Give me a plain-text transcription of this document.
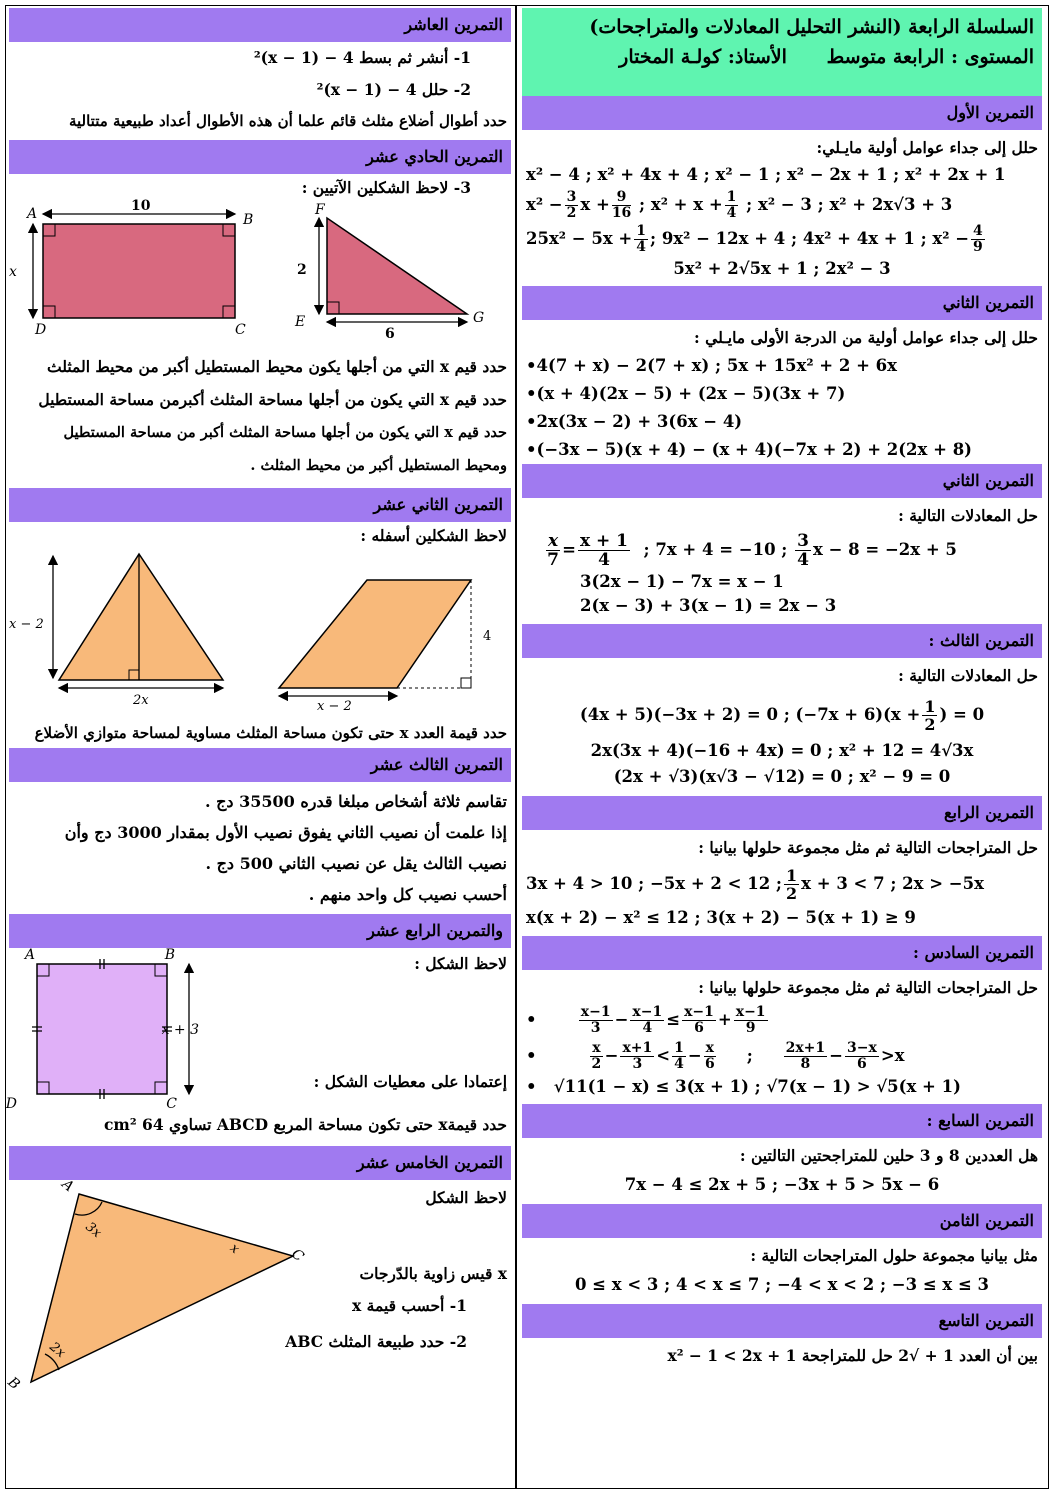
السلسلة الرابعة (النشر التحليل المعادلات والمتراجحات)
المستوى : الرابعة متوسط      الأستاذ: كولـة المختار
التمرين الأول
حلل إلى جداء عوامل أولية مايـلي:
x² − 4 ; x² + 4x + 4 ; x² − 1 ; x² − 2x + 1 ; x² + 2x + 1
$x^2 - \frac{3}{2}$ $x + \frac{9}{16}$ ; $x^2 + x + \frac{1}{4}$ ; x² − 3 ; x² + 2x√3 + 3
$25x^2 - 5x + \frac{1}{4}$ ; 9x² − 12x + 4 ; 4x² + 4x + 1 ; $x^2 - \frac{4}{9}$
5x² + 2√5x + 1 ; 2x² − 3
التمرين الثاني
حلل إلى جداء عوامل أولية من الدرجة الأولى مايـلي :
•4(7 + x) − 2(7 + x) ; 5x + 15x² + 2 + 6x
•(x + 4)(2x − 5) + (2x − 5)(3x + 7)
•2x(3x − 2) + 3(6x − 4)
•(−3x − 5)(x + 4) − (x + 4)(−7x + 2) + 2(2x + 8)
التمرين الثاني
حل المعادلات التالية :
$\frac{x}{7} = \frac{x + 1}{4}$ ; 7x + 4 = −10 ; $\frac{3}{4}$ x − 8 = −2x + 5
3(2x − 1) − 7x = x − 1
2(x − 3) + 3(x − 1) = 2x − 3
التمرين الثالث :
حل المعادلات التالية :
(4x + 5)(−3x + 2) = 0 ; $(-7x + 6)(x + \frac{1}{2}$ ) = 0
2x(3x + 4)(−16 + 4x) = 0 ; x² + 12 = 4√3x
(2x + √3)(x√3 − √12) = 0 ; x² − 9 = 0
التمرين الرابع
حل المتراجحات التالية ثم مثل مجموعة حلولها بيانيا :
3x + 4 > 10 ; −5x + 2 < 12 ; $\frac{1}{2}$ x + 3 < 7 ; 2x > −5x
x(x + 2) − x² ≤ 12 ; 3(x + 2) − 5(x + 1) ≥ 9
التمرين السادس :
حل المتراجحات التالية ثم مثل مجموعة حلولها بيانيا :
•	$\frac{x-1}{3} - \frac{x-1}{4} \le \frac{x-1}{6} + \frac{x-1}{9}$
•	$\frac{x}{2} - \frac{x+1}{3} < \frac{1}{4} - \frac{x}{6}$ ; $\frac{2x+1}{8} - \frac{3-x}{6} >x$
• √11(1 − x) ≤ 3(x + 1) ; √7(x − 1) > √5(x + 1)
التمرين السابع :
هل العددين 8 و 3 حلين للمتراجحتين التالتين :
7x − 4 ≤ 2x + 5 ; −3x + 5 > 5x − 6
التمرين الثامن
مثل بيانيا مجموعة حلول المتراجحات التالية :
0 ≤ x < 3 ; 4 < x ≤ 7 ; −4 < x < 2 ; −3 ≤ x ≤ 3
التمرين التاسع
بين أن العدد 1 + √2 حل للمتراجحة x² − 1 < 2x + 1
التمرين العاشر
1- أنشر ثم بسط 4 − (x − 1)²
2- حلل 4 − (x − 1)²
حدد أطوال أضلاع مثلث قائم علما أن هذه الأطوال أعداد طبيعية متتالية
التمرين الحادي عشر
3- لاحظ الشكلين الآتيين :
10
x
A	B
C
D
2
6
F
E	G
حدد قيم x التي من أجلها يكون محيط المستطيل أكبر من محيط المثلث
حدد قيم x التي يكون من أجلها مساحة المثلث أكبرمن مساحة المستطيل
حدد قيم x التي يكون من أجلها مساحة المثلث أكبر من مساحة المستطيل
ومحيط المستطيل أكبر من محيط المثلث .
التمرين الثاني عشر
لاحظ الشكلين أسفله :
x − 2
2x
4
x − 2
حدد قيمة العدد x حتى تكون مساحة المثلث مساوية لمساحة متوازي الأضلاع
التمرين الثالث عشر
تقاسم ثلاثة أشخاص مبلغا قدره 35500 دج .
إذا علمت أن نصيب الثاني يفوق نصيب الأول بمقدار 3000 دج وأن
نصيب الثالث يقل عن نصيب الثاني 500 دج .
أحسب نصيب كل واحد منهم .
والتمرين الرابع عشر
لاحظ الشكل :
إعتمادا على معطيات الشكل :
x + 3
A	B
C
D
حدد قيمةx حتى تكون مساحة المربع ABCD تساوي 64 cm²
التمرين الخامس عشر
لاحظ الشكل
x قيس زاوية بالدّرجات
1- أحسب قيمة x
2- حدد طبيعة المثلث ABC
3x
2x
x
A
C
B
